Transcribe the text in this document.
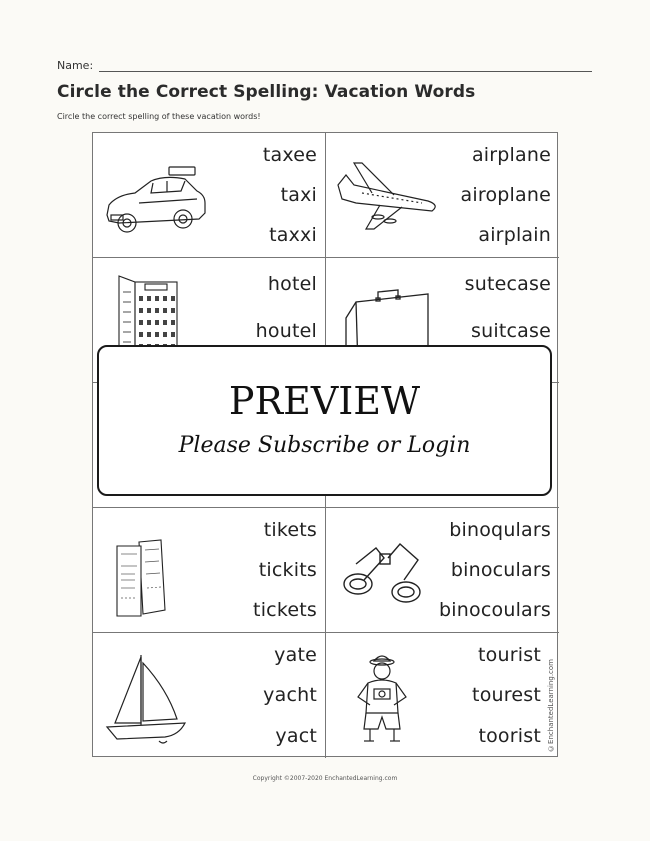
Name:
Circle the Correct Spelling: Vacation Words
Circle the correct spelling of these vacation words!
taxee
taxi
taxxi
airplane
airoplane
airplain
hotel
houtel
sutecase
suitcase
tikets
tickits
tickets
binoqulars
binoculars
binocoulars
yate
yacht
yact
tourist
tourest
toorist ©EnchantedLearning.com
PREVIEW
Please Subscribe or Login
Copyright ©2007-2020 EnchantedLearning.com
